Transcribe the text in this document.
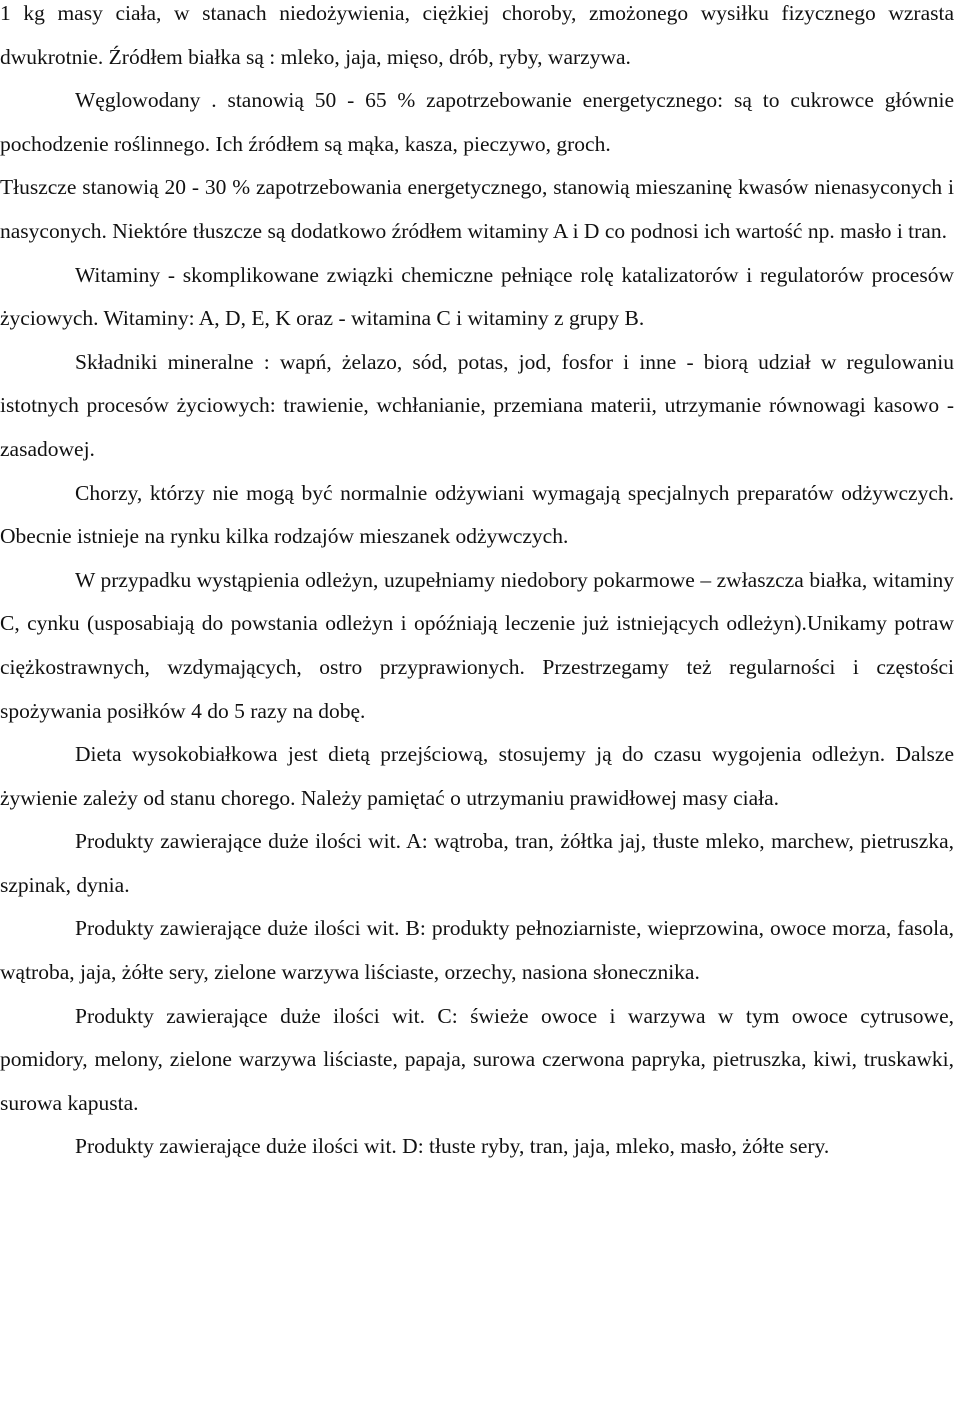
1 kg masy ciała, w stanach niedożywienia, ciężkiej choroby, zmożonego wysiłku fizycznego wzrasta dwukrotnie. Źródłem białka są : mleko, jaja, mięso, drób, ryby, warzywa.

Węglowodany . stanowią 50 - 65 % zapotrzebowanie energetycznego: są to cukrowce głównie pochodzenie roślinnego. Ich źródłem są mąka, kasza, pieczywo, groch.

Tłuszcze stanowią 20 - 30 % zapotrzebowania energetycznego, stanowią mieszaninę kwasów nienasyconych i nasyconych. Niektóre tłuszcze są dodatkowo źródłem witaminy A i D co podnosi ich wartość np. masło i tran.

Witaminy - skomplikowane związki chemiczne pełniące rolę katalizatorów i regulatorów procesów życiowych. Witaminy: A, D, E, K oraz - witamina C i witaminy z grupy B.

Składniki mineralne : wapń, żelazo, sód, potas, jod, fosfor i inne - biorą udział w regulowaniu istotnych procesów życiowych: trawienie, wchłanianie, przemiana materii, utrzymanie równowagi kasowo - zasadowej.

Chorzy, którzy nie mogą być normalnie odżywiani wymagają specjalnych preparatów odżywczych. Obecnie istnieje na rynku kilka rodzajów mieszanek odżywczych.

W przypadku wystąpienia odleżyn, uzupełniamy niedobory pokarmowe – zwłaszcza białka, witaminy C, cynku (usposabiają do powstania odleżyn i opóźniają leczenie już istniejących odleżyn).Unikamy potraw ciężkostrawnych, wzdymających, ostro przyprawionych. Przestrzegamy też regularności i częstości spożywania posiłków 4 do 5 razy na dobę.

Dieta wysokobiałkowa jest dietą przejściową, stosujemy ją do czasu wygojenia odleżyn. Dalsze żywienie zależy od stanu chorego. Należy pamiętać o utrzymaniu prawidłowej masy ciała.

Produkty zawierające duże ilości wit. A: wątroba, tran, żółtka jaj, tłuste mleko, marchew, pietruszka, szpinak, dynia.

Produkty zawierające duże ilości wit. B: produkty pełnoziarniste, wieprzowina, owoce morza, fasola, wątroba, jaja, żółte sery, zielone warzywa liściaste, orzechy, nasiona słonecznika.

Produkty zawierające duże ilości wit. C: świeże owoce i warzywa w tym owoce cytrusowe, pomidory, melony, zielone warzywa liściaste, papaja, surowa czerwona papryka, pietruszka, kiwi, truskawki, surowa kapusta.

Produkty zawierające duże ilości wit. D: tłuste ryby, tran, jaja, mleko, masło, żółte sery.
